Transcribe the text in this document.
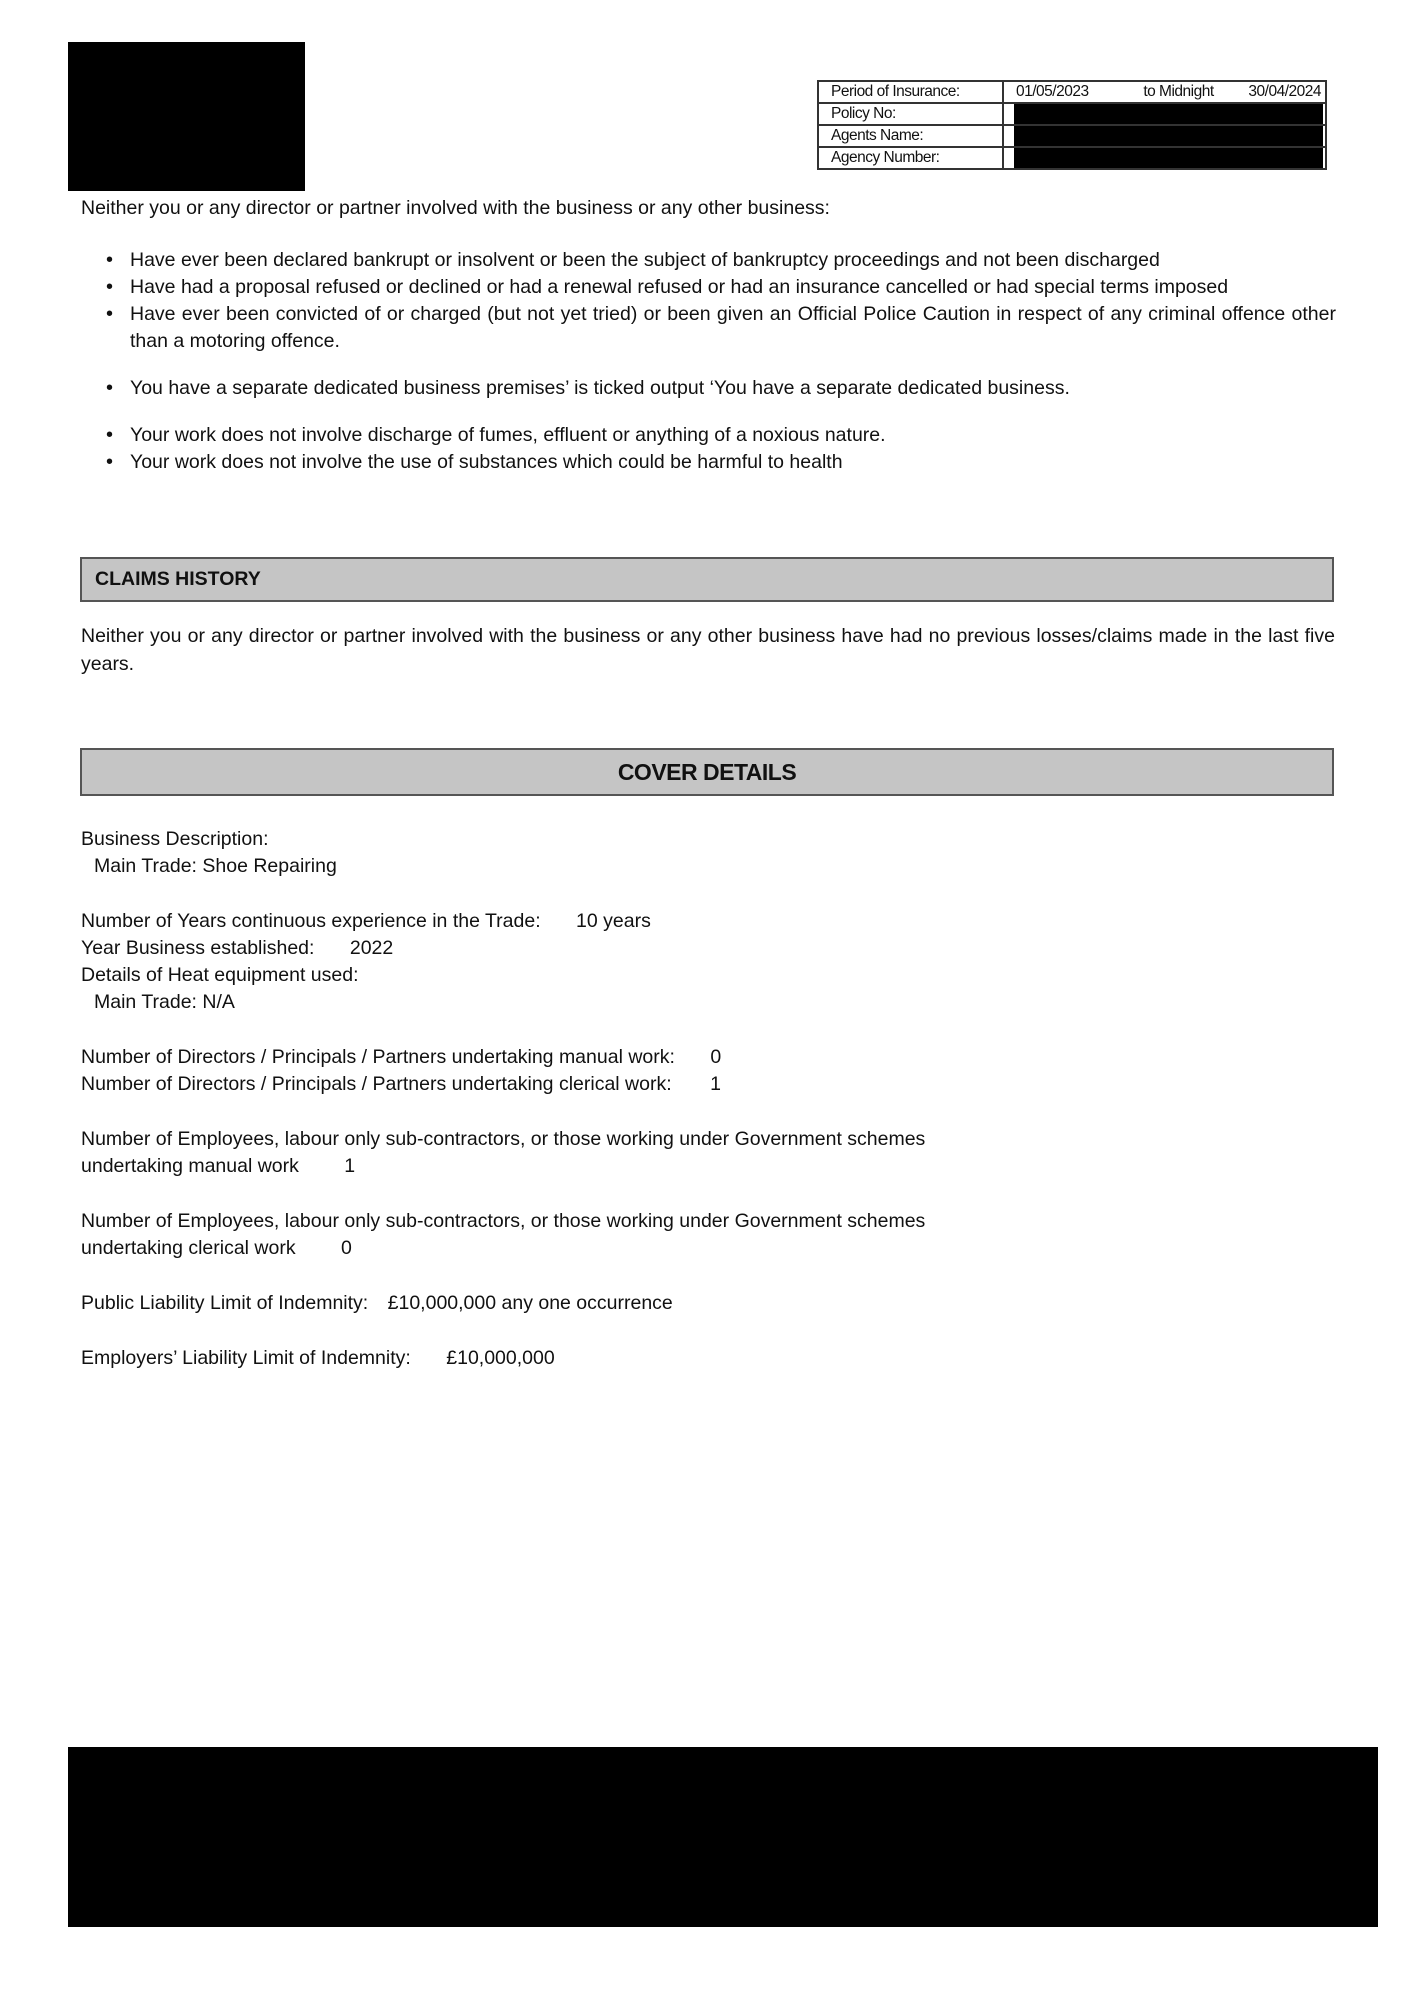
Period of Insurance:	01/05/2023 to Midnight 30/04/2024

Policy No:	

Agents Name:	

Agency Number:	
Neither you or any director or partner involved with the business or any other business:
• Have ever been declared bankrupt or insolvent or been the subject of bankruptcy proceedings and not been discharged
• Have had a proposal refused or declined or had a renewal refused or had an insurance cancelled or had special terms imposed
• Have ever been convicted of or charged (but not yet tried) or been given an Official Police Caution in respect of any criminal offence other than a motoring offence.
• You have a separate dedicated business premises’ is ticked output ‘You have a separate dedicated business.
• Your work does not involve discharge of fumes, effluent or anything of a noxious nature.
• Your work does not involve the use of substances which could be harmful to health
CLAIMS HISTORY
Neither you or any director or partner involved with the business or any other business have had no previous losses/claims made in the last five years.
COVER DETAILS
Business Description:
Main Trade: Shoe Repairing
Number of Years continuous experience in the Trade: 10 years
Year Business established: 2022
Details of Heat equipment used:
Main Trade: N/A
Number of Directors / Principals / Partners undertaking manual work: 0
Number of Directors / Principals / Partners undertaking clerical work: 1
Number of Employees, labour only sub-contractors, or those working under Government schemes
undertaking manual work 1
Number of Employees, labour only sub-contractors, or those working under Government schemes
undertaking clerical work 0
Public Liability Limit of Indemnity: £10,000,000 any one occurrence
Employers’ Liability Limit of Indemnity: £10,000,000
